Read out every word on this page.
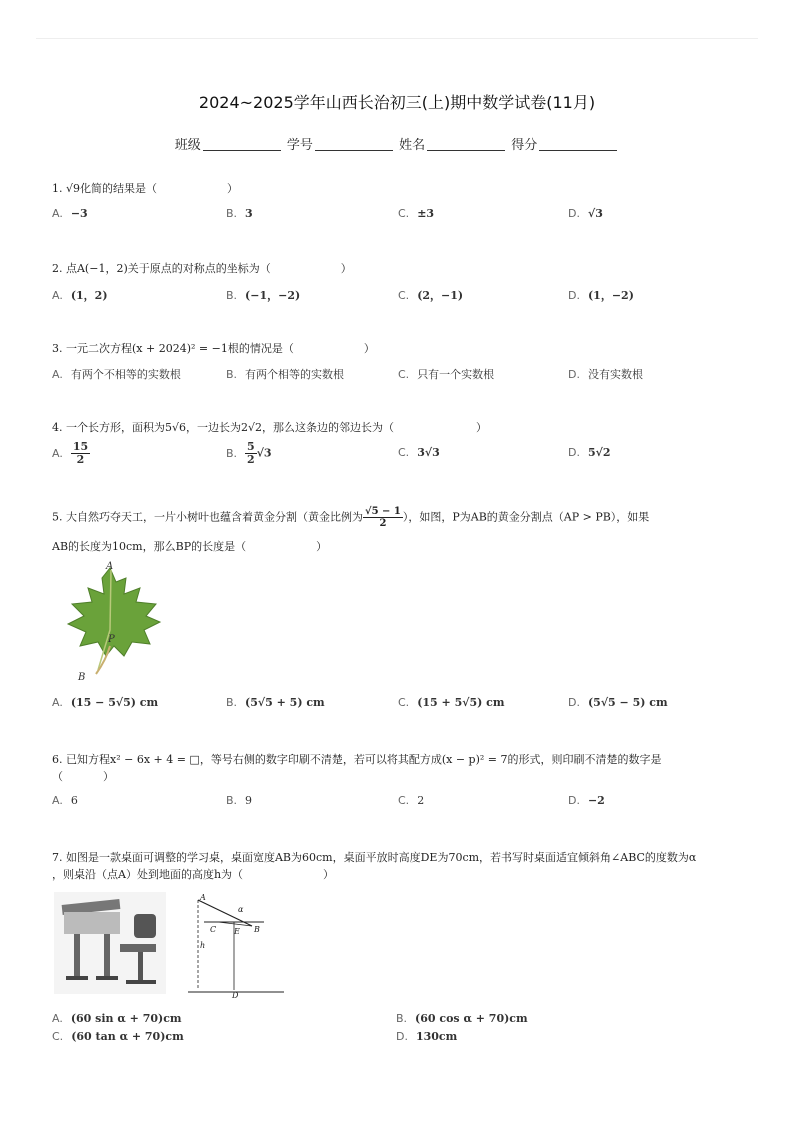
2024~2025学年山西长治初三(上)期中数学试卷(11月)
班级	学号	姓名	得分
1. √9化简的结果是（	）
A. −3	B. 3	C. ±3	D. √3
2. 点A(−1，2)关于原点的对称点的坐标为（	）
A. (1，2)	B. (−1，−2)	C. (2，−1)	D. (1，−2)
3. 一元二次方程(x + 2024)² = −1根的情况是（	）
A. 有两个不相等的实数根	B. 有两个相等的实数根	C. 只有一个实数根	D. 没有实数根
4. 一个长方形，面积为5√6，一边长为2√2，那么这条边的邻边长为（	）
A. $\frac{15}{2}$	B. $\frac{5}{2} √3$	C. 3√3	D. 5√2
5. 大自然巧夺天工，一片小树叶也蕴含着黄金分割（黄金比例为 $\frac{√5 - 1}{2}$ ），如图，P为AB的黄金分割点（AP > PB），如果
AB的长度为10cm，那么BP的长度是（	）
A
P
B
A. (15 − 5√5) cm	B. (5√5 + 5) cm	C. (15 + 5√5) cm	D. (5√5 − 5) cm
6. 已知方程x² − 6x + 4 = □，等号右侧的数字印刷不清楚，若可以将其配方成(x − p)² = 7的形式，则印刷不清楚的数字是
（	）
A. 6	B. 9	C. 2	D. −2
7. 如图是一款桌面可调整的学习桌，桌面宽度AB为60cm，桌面平放时高度DE为70cm，若书写时桌面适宜倾斜角∠ABC的度数为α
，则桌沿（点A）处到地面的高度h为（	）
A
C E B
D
h
α
A. (60 sin α + 70)cm	B. (60 cos α + 70)cm
C. (60 tan α + 70)cm	D. 130cm
